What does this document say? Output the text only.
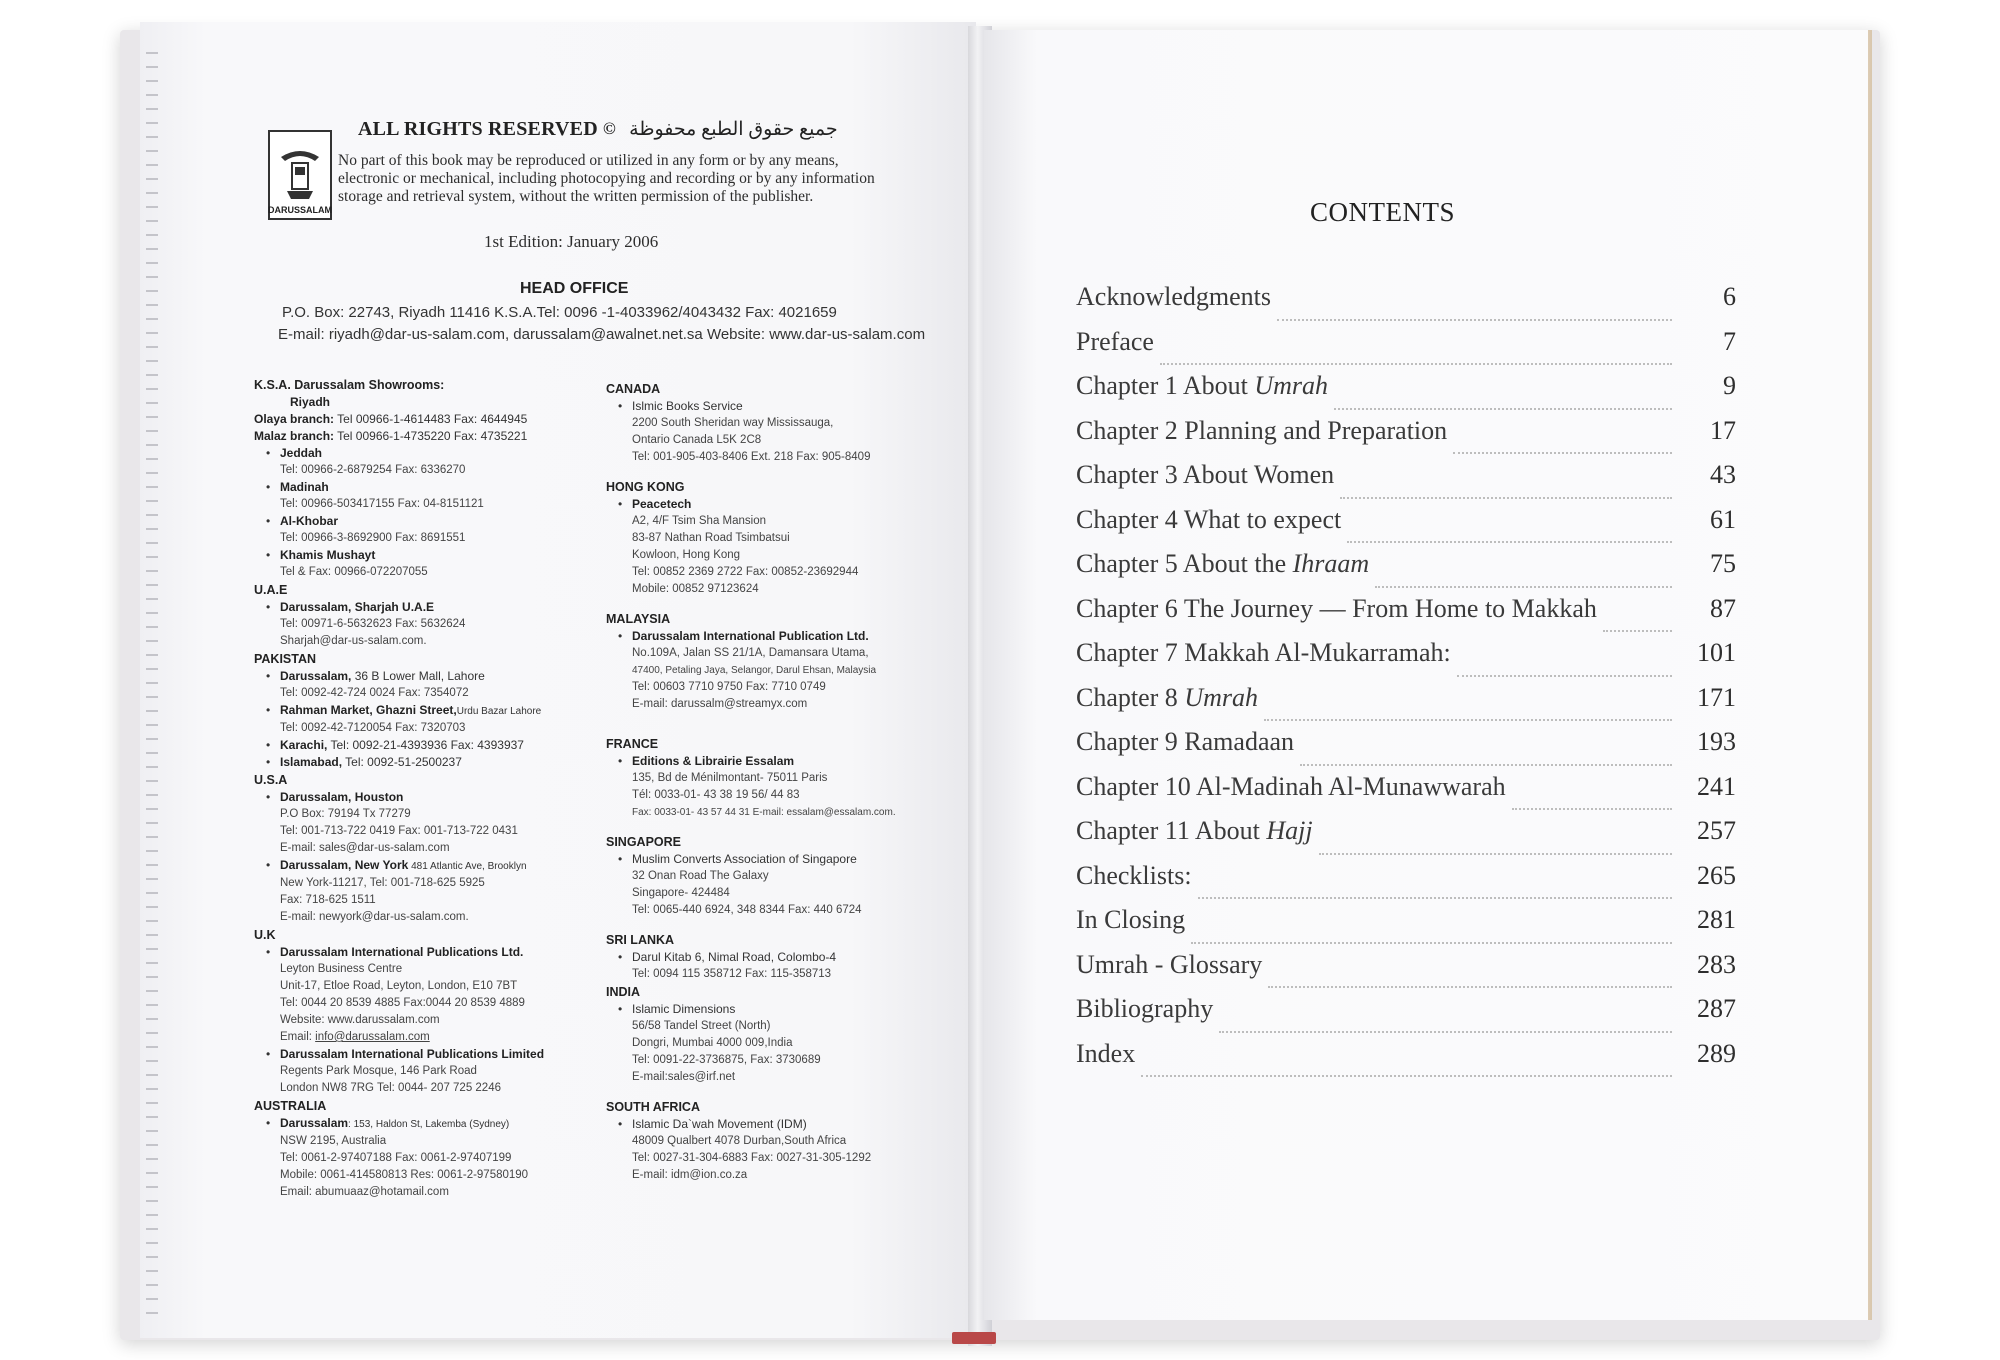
DARUSSALAM
ALL RIGHTS RESERVED © جميع حقوق الطبع محفوظة
No part of this book may be reproduced or utilized in any form or by any means,
electronic or mechanical, including photocopying and recording or by any information
storage and retrieval system, without the written permission of the publisher.
1st Edition: January 2006
HEAD OFFICE
P.O. Box: 22743, Riyadh 11416 K.S.A.Tel: 0096 -1-4033962/4043432 Fax: 4021659
E-mail: riyadh@dar-us-salam.com, darussalam@awalnet.net.sa Website: www.dar-us-salam.com
K.S.A. Darussalam Showrooms:
Riyadh
Olaya branch: Tel 00966-1-4614483 Fax: 4644945
Malaz branch: Tel 00966-1-4735220 Fax: 4735221
• Jeddah
Tel: 00966-2-6879254 Fax: 6336270
• Madinah
Tel: 00966-503417155 Fax: 04-8151121
• Al-Khobar
Tel: 00966-3-8692900 Fax: 8691551
• Khamis Mushayt
Tel & Fax: 00966-072207055
U.A.E
• Darussalam, Sharjah U.A.E
Tel: 00971-6-5632623 Fax: 5632624
Sharjah@dar-us-salam.com.
PAKISTAN
• Darussalam, 36 B Lower Mall, Lahore
Tel: 0092-42-724 0024 Fax: 7354072
• Rahman Market, Ghazni Street,Urdu Bazar Lahore
Tel: 0092-42-7120054 Fax: 7320703
• Karachi, Tel: 0092-21-4393936 Fax: 4393937
• Islamabad, Tel: 0092-51-2500237
U.S.A
• Darussalam, Houston
P.O Box: 79194 Tx 77279
Tel: 001-713-722 0419 Fax: 001-713-722 0431
E-mail: sales@dar-us-salam.com
• Darussalam, New York 481 Atlantic Ave, Brooklyn
New York-11217, Tel: 001-718-625 5925
Fax: 718-625 1511
E-mail: newyork@dar-us-salam.com.
U.K
• Darussalam International Publications Ltd.
Leyton Business Centre
Unit-17, Etloe Road, Leyton, London, E10 7BT
Tel: 0044 20 8539 4885 Fax:0044 20 8539 4889
Website: www.darussalam.com
Email: info@darussalam.com
• Darussalam International Publications Limited
Regents Park Mosque, 146 Park Road
London NW8 7RG Tel: 0044- 207 725 2246
AUSTRALIA
• Darussalam: 153, Haldon St, Lakemba (Sydney)
NSW 2195, Australia
Tel: 0061-2-97407188 Fax: 0061-2-97407199
Mobile: 0061-414580813 Res: 0061-2-97580190
Email: abumuaaz@hotamail.com
CANADA
• Islmic Books Service
2200 South Sheridan way Mississauga,
Ontario Canada L5K 2C8
Tel: 001-905-403-8406 Ext. 218 Fax: 905-8409
HONG KONG
• Peacetech
A2, 4/F Tsim Sha Mansion
83-87 Nathan Road Tsimbatsui
Kowloon, Hong Kong
Tel: 00852 2369 2722 Fax: 00852-23692944
Mobile: 00852 97123624
MALAYSIA
• Darussalam International Publication Ltd.
No.109A, Jalan SS 21/1A, Damansara Utama,
47400, Petaling Jaya, Selangor, Darul Ehsan, Malaysia
Tel: 00603 7710 9750 Fax: 7710 0749
E-mail: darussalm@streamyx.com
FRANCE
• Editions & Librairie Essalam
135, Bd de Ménilmontant- 75011 Paris
Tél: 0033-01- 43 38 19 56/ 44 83
Fax: 0033-01- 43 57 44 31 E-mail: essalam@essalam.com.
SINGAPORE
• Muslim Converts Association of Singapore
32 Onan Road The Galaxy
Singapore- 424484
Tel: 0065-440 6924, 348 8344 Fax: 440 6724
SRI LANKA
• Darul Kitab 6, Nimal Road, Colombo-4
Tel: 0094 115 358712 Fax: 115-358713
INDIA
• Islamic Dimensions
56/58 Tandel Street (North)
Dongri, Mumbai 4000 009,India
Tel: 0091-22-3736875, Fax: 3730689
E-mail:sales@irf.net
SOUTH AFRICA
• Islamic Da`wah Movement (IDM)
48009 Qualbert 4078 Durban,South Africa
Tel: 0027-31-304-6883 Fax: 0027-31-305-1292
E-mail: idm@ion.co.za
CONTENTS
Acknowledgments	6
Preface	7
Chapter 1 About Umrah	9
Chapter 2 Planning and Preparation	17
Chapter 3 About Women	43
Chapter 4 What to expect	61
Chapter 5 About the Ihraam	75
Chapter 6 The Journey — From Home to Makkah	87
Chapter 7 Makkah Al-Mukarramah:	101
Chapter 8 Umrah	171
Chapter 9 Ramadaan	193
Chapter 10 Al-Madinah Al-Munawwarah	241
Chapter 11 About Hajj	257
Checklists:	265
In Closing	281
Umrah - Glossary	283
Bibliography	287
Index	289
